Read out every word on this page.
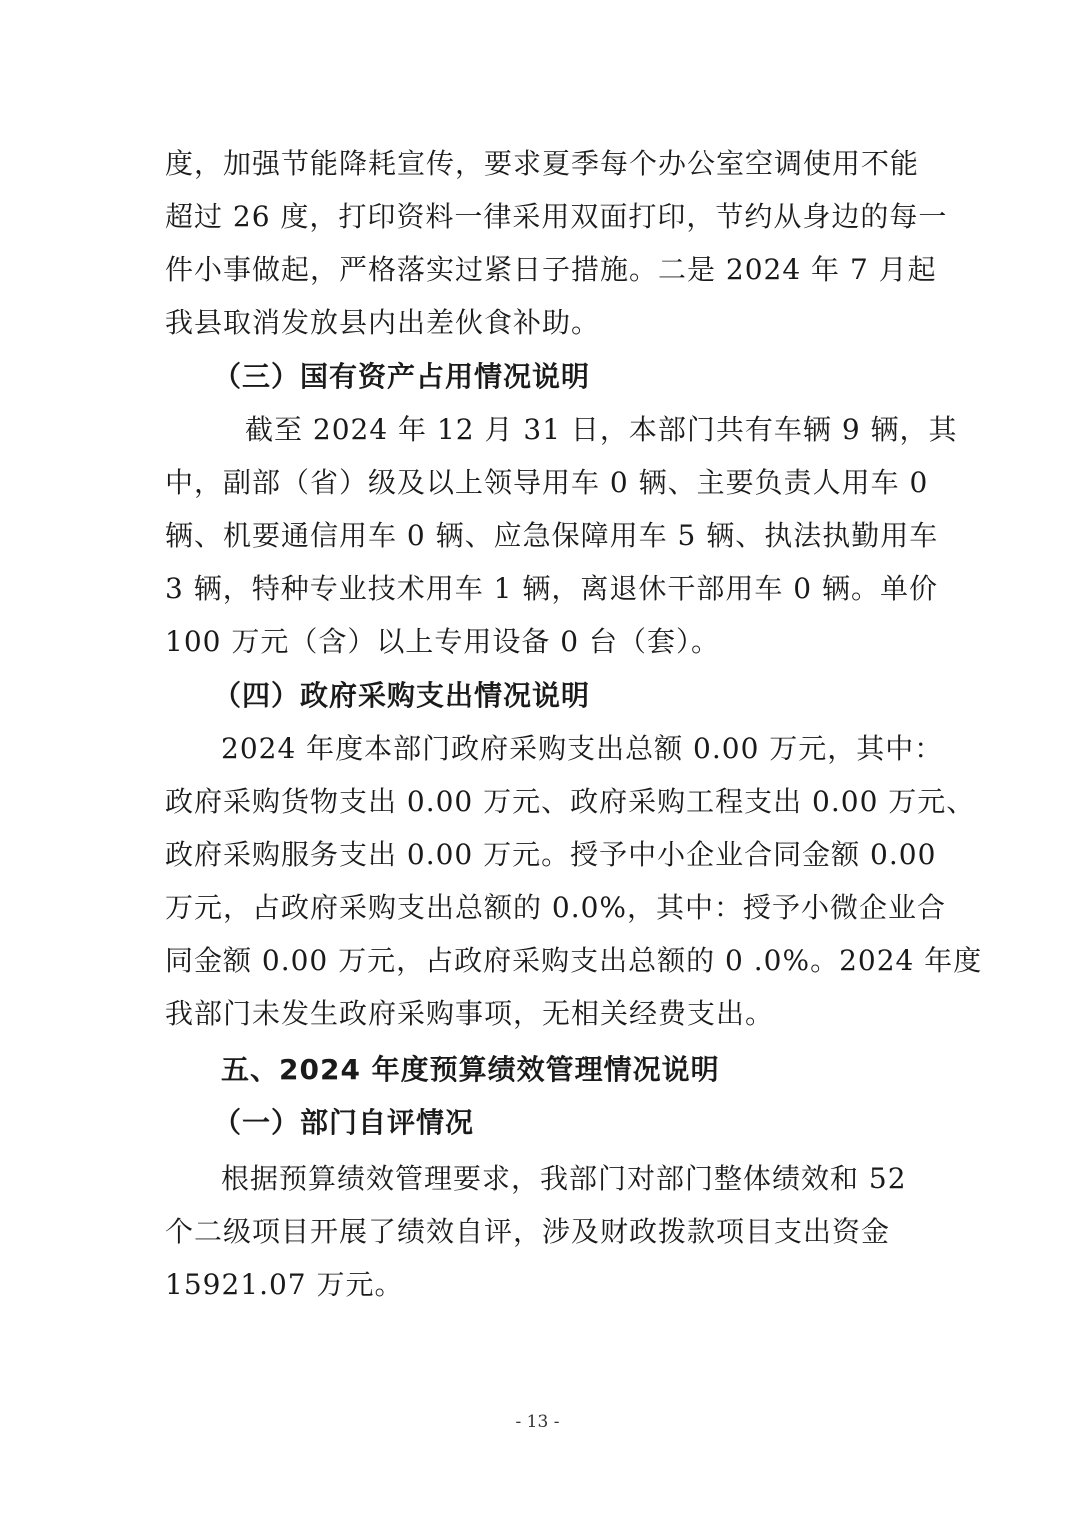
度，加强节能降耗宣传，要求夏季每个办公室空调使用不能
超过 26 度，打印资料一律采用双面打印，节约从身边的每一
件小事做起，严格落实过紧日子措施。二是 2024 年 7 月起
我县取消发放县内出差伙食补助。
（三）国有资产占用情况说明
截至 2024 年 12 月 31 日，本部门共有车辆 9 辆，其
中，副部（省）级及以上领导用车 0 辆、主要负责人用车 0
辆、机要通信用车 0 辆、应急保障用车 5 辆、执法执勤用车
3 辆，特种专业技术用车 1 辆，离退休干部用车 0 辆。单价
100 万元（含）以上专用设备 0 台（套）。
（四）政府采购支出情况说明
2024 年度本部门政府采购支出总额 0.00 万元，其中：
政府采购货物支出 0.00 万元、政府采购工程支出 0.00 万元、
政府采购服务支出 0.00 万元。授予中小企业合同金额 0.00
万元，占政府采购支出总额的 0.0%，其中：授予小微企业合
同金额 0.00 万元，占政府采购支出总额的 0 .0%。2024 年度
我部门未发生政府采购事项，无相关经费支出。
五、2024 年度预算绩效管理情况说明
（一）部门自评情况
根据预算绩效管理要求，我部门对部门整体绩效和 52
个二级项目开展了绩效自评，涉及财政拨款项目支出资金
15921.07 万元。
- 13 -
